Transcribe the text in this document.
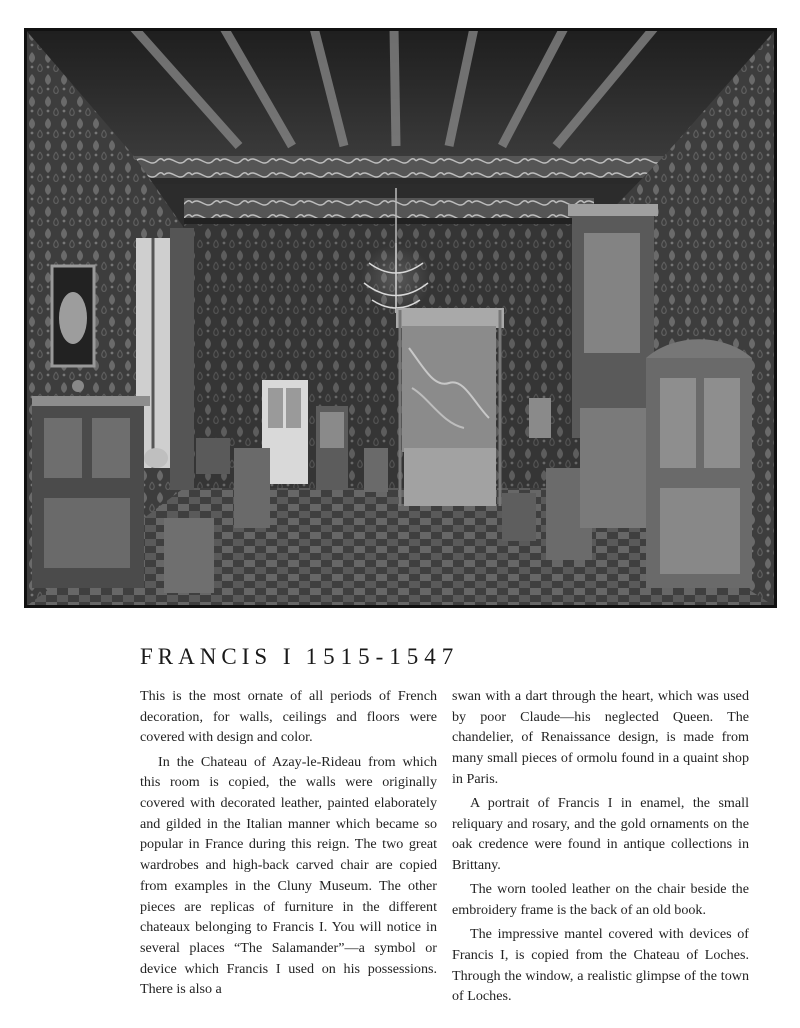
FRANCIS I 1515-1547

This is the most ornate of all periods of French decoration, for walls, ceilings and floors were covered with design and color.

In the Chateau of Azay-le-Rideau from which this room is copied, the walls were originally covered with decorated leather, painted elaborately and gilded in the Italian manner which became so popular in France during this reign. The two great wardrobes and high-back carved chair are copied from examples in the Cluny Museum. The other pieces are replicas of furniture in the different chateaux belonging to Francis I. You will notice in several places “The Salamander”—a symbol or device which Francis I used on his possessions. There is also a

swan with a dart through the heart, which was used by poor Claude—his neglected Queen. The chandelier, of Renaissance design, is made from many small pieces of ormolu found in a quaint shop in Paris.

A portrait of Francis I in enamel, the small reliquary and rosary, and the gold ornaments on the oak credence were found in antique collections in Brittany.

The worn tooled leather on the chair beside the embroidery frame is the back of an old book.

The impressive mantel covered with devices of Francis I, is copied from the Chateau of Loches. Through the window, a realistic glimpse of the town of Loches.
